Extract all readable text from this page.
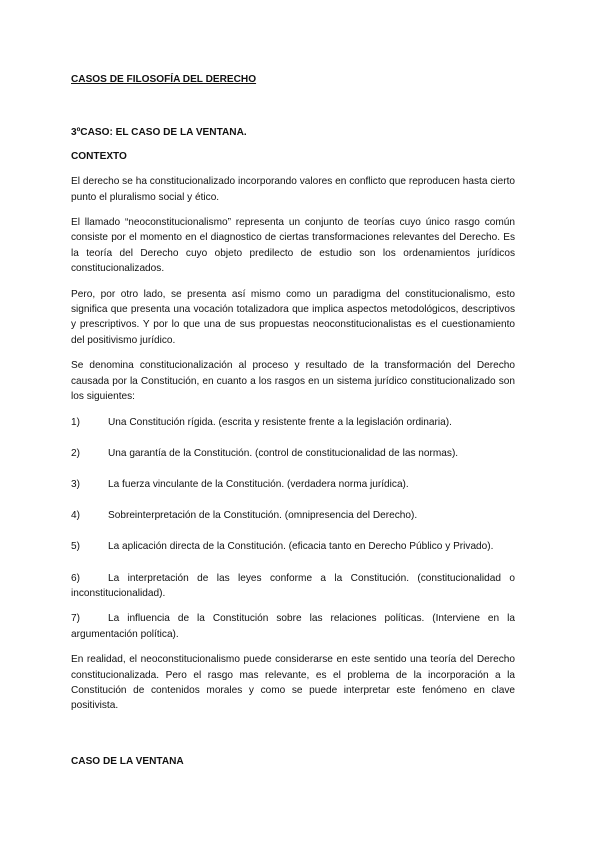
CASOS DE FILOSOFÍA DEL DERECHO
3ºCASO: EL CASO DE LA VENTANA.
CONTEXTO

El derecho se ha constitucionalizado incorporando valores en conflicto que reproducen hasta cierto punto el pluralismo social y ético.

El llamado “neoconstitucionalismo” representa un conjunto de teorías cuyo único rasgo común consiste por el momento en el diagnostico de ciertas transformaciones relevantes del Derecho. Es la teoría del Derecho cuyo objeto predilecto de estudio son los ordenamientos jurídicos constitucionalizados.

Pero, por otro lado, se presenta así mismo como un paradigma del constitucionalismo, esto significa que presenta una vocación totalizadora que implica aspectos metodológicos, descriptivos y prescriptivos. Y por lo que una de sus propuestas neoconstitucionalistas es el cuestionamiento del positivismo jurídico.

Se denomina constitucionalización al proceso y resultado de la transformación del Derecho causada por la Constitución, en cuanto a los rasgos en un sistema jurídico constitucionalizado son los siguientes:

1)	Una Constitución rígida. (escrita y resistente frente a la legislación ordinaria).
2)	Una garantía de la Constitución. (control de constitucionalidad de las normas).
3)	La fuerza vinculante de la Constitución. (verdadera norma jurídica).
4)	Sobreinterpretación de la Constitución. (omnipresencia del Derecho).
5)	La aplicación directa de la Constitución. (eficacia tanto en Derecho Público y Privado).
6)	La interpretación de las leyes conforme a la Constitución. (constitucionalidad o inconstitucionalidad).
7)	La influencia de la Constitución sobre las relaciones políticas. (Interviene en la argumentación política).

En realidad, el neoconstitucionalismo puede considerarse en este sentido una teoría del Derecho constitucionalizada. Pero el rasgo mas relevante, es el problema de la incorporación a la Constitución de contenidos morales y como se puede interpretar este fenómeno en clave positivista.

CASO DE LA VENTANA
